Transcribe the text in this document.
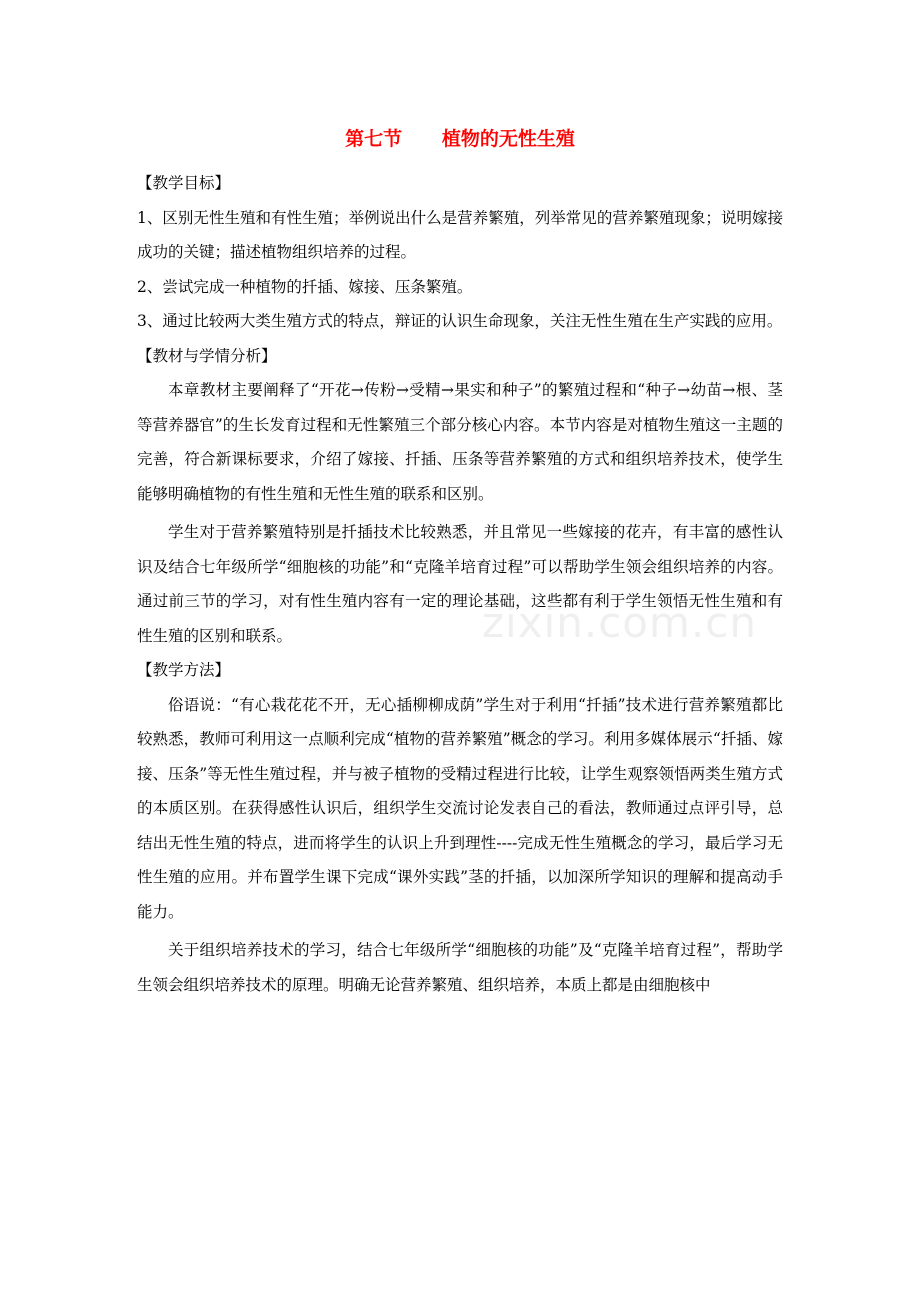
第七节      植物的无性生殖

【教学目标】

1、区别无性生殖和有性生殖；举例说出什么是营养繁殖，列举常见的营养繁殖现象；说明嫁接成功的关键；描述植物组织培养的过程。

2、尝试完成一种植物的扦插、嫁接、压条繁殖。

3、通过比较两大类生殖方式的特点，辩证的认识生命现象，关注无性生殖在生产实践的应用。

【教材与学情分析】

本章教材主要阐释了“开花→传粉→受精→果实和种子”的繁殖过程和“种子→幼苗→根、茎等营养器官”的生长发育过程和无性繁殖三个部分核心内容。本节内容是对植物生殖这一主题的完善，符合新课标要求，介绍了嫁接、扦插、压条等营养繁殖的方式和组织培养技术，使学生能够明确植物的有性生殖和无性生殖的联系和区别。

学生对于营养繁殖特别是扦插技术比较熟悉，并且常见一些嫁接的花卉，有丰富的感性认识及结合七年级所学“细胞核的功能”和“克隆羊培育过程”可以帮助学生领会组织培养的内容。通过前三节的学习，对有性生殖内容有一定的理论基础，这些都有利于学生领悟无性生殖和有性生殖的区别和联系。

【教学方法】

俗语说：“有心栽花花不开，无心插柳柳成荫”学生对于利用“扦插”技术进行营养繁殖都比较熟悉，教师可利用这一点顺利完成“植物的营养繁殖”概念的学习。利用多媒体展示“扦插、嫁接、压条”等无性生殖过程，并与被子植物的受精过程进行比较，让学生观察领悟两类生殖方式的本质区别。在获得感性认识后，组织学生交流讨论发表自己的看法，教师通过点评引导，总结出无性生殖的特点，进而将学生的认识上升到理性----完成无性生殖概念的学习，最后学习无性生殖的应用。并布置学生课下完成“课外实践”茎的扦插，以加深所学知识的理解和提高动手能力。

关于组织培养技术的学习，结合七年级所学“细胞核的功能”及“克隆羊培育过程”，帮助学生领会组织培养技术的原理。明确无论营养繁殖、组织培养，本质上都是由细胞核中

zixin.com.cn
